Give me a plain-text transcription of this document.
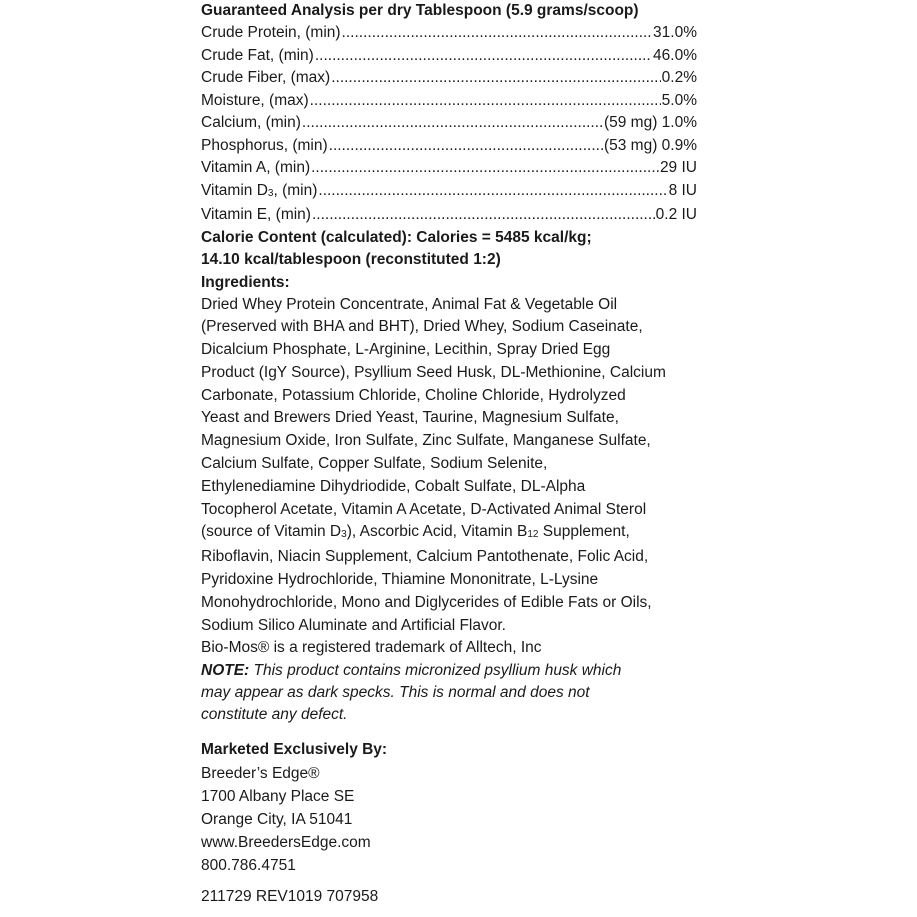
Guaranteed Analysis per dry Tablespoon (5.9 grams/scoop)
Crude Protein, (min) .....	31.0%
Crude Fat, (min) .....	46.0%
Crude Fiber, (max) .....	0.2%
Moisture, (max) .....	5.0%
Calcium, (min) .....	(59 mg) 1.0%
Phosphorus, (min) .....	(53 mg) 0.9%
Vitamin A, (min) .....	29 IU
Vitamin D3, (min) .....	8 IU
Vitamin E, (min) .....	0.2 IU
Calorie Content (calculated): Calories = 5485 kcal/kg;
14.10 kcal/tablespoon (reconstituted 1:2)
Ingredients:
Dried Whey Protein Concentrate, Animal Fat & Vegetable Oil
(Preserved with BHA and BHT), Dried Whey, Sodium Caseinate,
Dicalcium Phosphate, L-Arginine, Lecithin, Spray Dried Egg
Product (IgY Source), Psyllium Seed Husk, DL-Methionine, Calcium
Carbonate, Potassium Chloride, Choline Chloride, Hydrolyzed
Yeast and Brewers Dried Yeast, Taurine, Magnesium Sulfate,
Magnesium Oxide, Iron Sulfate, Zinc Sulfate, Manganese Sulfate,
Calcium Sulfate, Copper Sulfate, Sodium Selenite,
Ethylenediamine Dihydriodide, Cobalt Sulfate, DL-Alpha
Tocopherol Acetate, Vitamin A Acetate, D-Activated Animal Sterol
(source of Vitamin D3), Ascorbic Acid, Vitamin B12 Supplement,
Riboflavin, Niacin Supplement, Calcium Pantothenate, Folic Acid,
Pyridoxine Hydrochloride, Thiamine Mononitrate, L-Lysine
Monohydrochloride, Mono and Diglycerides of Edible Fats or Oils,
Sodium Silico Aluminate and Artificial Flavor.
Bio-Mos® is a registered trademark of Alltech, Inc
NOTE: This product contains micronized psyllium husk which
may appear as dark specks. This is normal and does not
constitute any defect.
Marketed Exclusively By:
Breeder’s Edge®
1700 Albany Place SE
Orange City, IA 51041
www.BreedersEdge.com
800.786.4751
211729 REV1019 707958
